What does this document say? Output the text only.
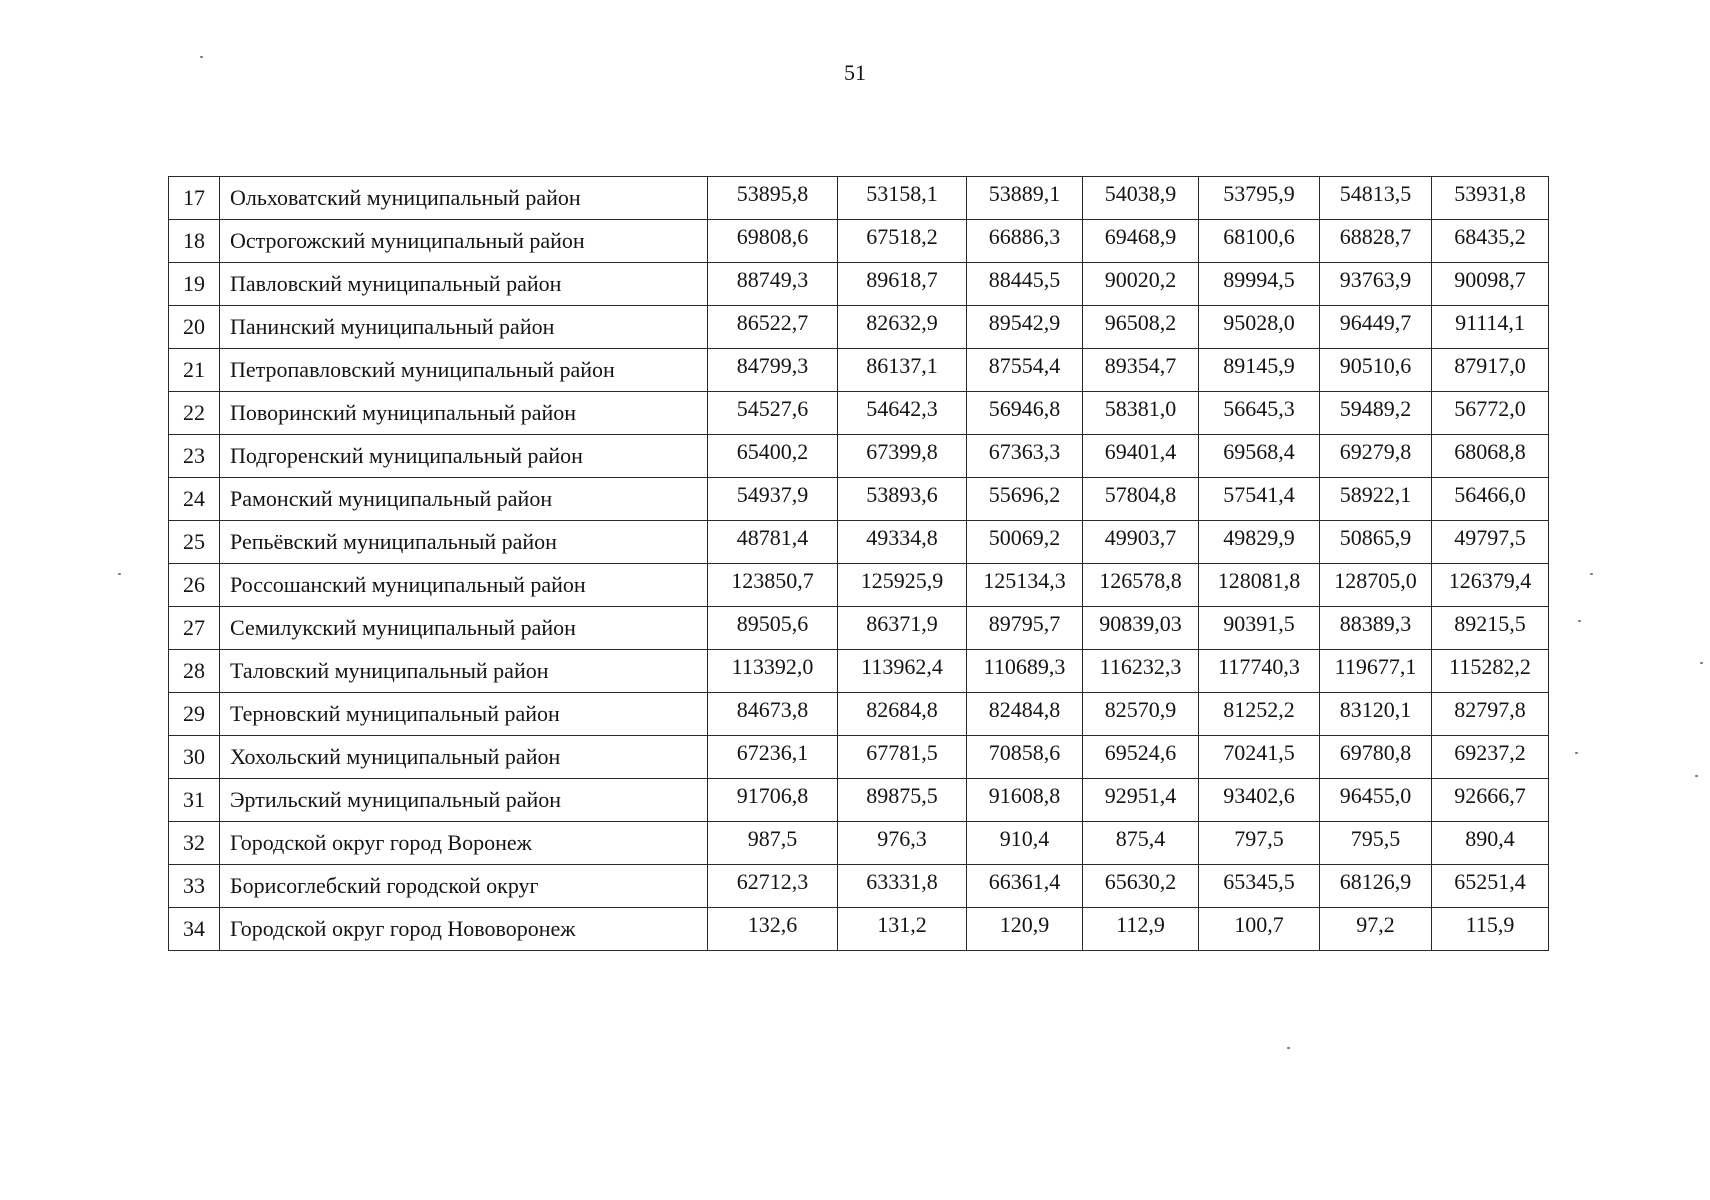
51
17	Ольховатский муниципальный район	53895,8	53158,1	53889,1	54038,9	53795,9	54813,5	53931,8
18	Острогожский муниципальный район	69808,6	67518,2	66886,3	69468,9	68100,6	68828,7	68435,2
19	Павловский муниципальный район	88749,3	89618,7	88445,5	90020,2	89994,5	93763,9	90098,7
20	Панинский муниципальный район	86522,7	82632,9	89542,9	96508,2	95028,0	96449,7	91114,1
21	Петропавловский муниципальный район	84799,3	86137,1	87554,4	89354,7	89145,9	90510,6	87917,0
22	Поворинский муниципальный район	54527,6	54642,3	56946,8	58381,0	56645,3	59489,2	56772,0
23	Подгоренский муниципальный район	65400,2	67399,8	67363,3	69401,4	69568,4	69279,8	68068,8
24	Рамонский муниципальный район	54937,9	53893,6	55696,2	57804,8	57541,4	58922,1	56466,0
25	Репьёвский муниципальный район	48781,4	49334,8	50069,2	49903,7	49829,9	50865,9	49797,5
26	Россошанский муниципальный район	123850,7	125925,9	125134,3	126578,8	128081,8	128705,0	126379,4
27	Семилукский муниципальный район	89505,6	86371,9	89795,7	90839,03	90391,5	88389,3	89215,5
28	Таловский муниципальный район	113392,0	113962,4	110689,3	116232,3	117740,3	119677,1	115282,2
29	Терновский муниципальный район	84673,8	82684,8	82484,8	82570,9	81252,2	83120,1	82797,8
30	Хохольский муниципальный район	67236,1	67781,5	70858,6	69524,6	70241,5	69780,8	69237,2
31	Эртильский муниципальный район	91706,8	89875,5	91608,8	92951,4	93402,6	96455,0	92666,7
32	Городской округ город Воронеж	987,5	976,3	910,4	875,4	797,5	795,5	890,4
33	Борисоглебский городской округ	62712,3	63331,8	66361,4	65630,2	65345,5	68126,9	65251,4
34	Городской округ город Нововоронеж	132,6	131,2	120,9	112,9	100,7	97,2	115,9
